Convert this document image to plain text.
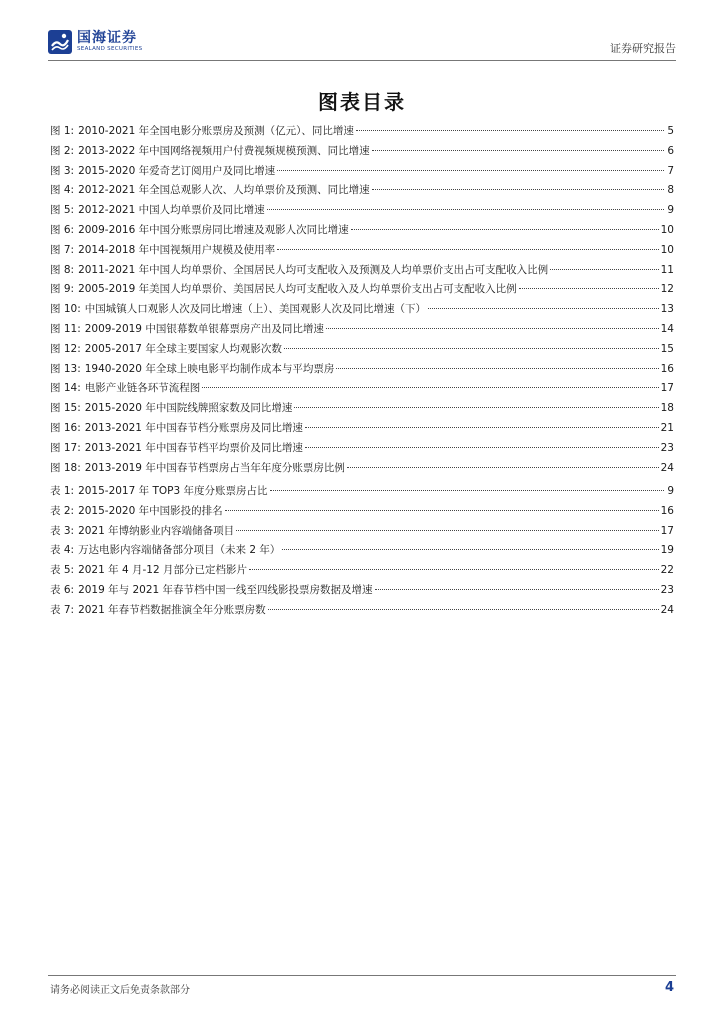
国海证券
SEALAND SECURITIES	证券研究报告
图表目录
图 1: 2010-2021 年全国电影分账票房及预测（亿元）、同比增速	5
图 2: 2013-2022 年中国网络视频用户付费视频规模预测、同比增速	6
图 3: 2015-2020 年爱奇艺订阅用户及同比增速	7
图 4: 2012-2021 年全国总观影人次、人均单票价及预测、同比增速	8
图 5: 2012-2021 中国人均单票价及同比增速	9
图 6: 2009-2016 年中国分账票房同比增速及观影人次同比增速	10
图 7: 2014-2018 年中国视频用户规模及使用率	10
图 8: 2011-2021 年中国人均单票价、全国居民人均可支配收入及预测及人均单票价支出占可支配收入比例	11
图 9: 2005-2019 年美国人均单票价、美国居民人均可支配收入及人均单票价支出占可支配收入比例	12
图 10: 中国城镇人口观影人次及同比增速（上）、美国观影人次及同比增速（下）	13
图 11: 2009-2019 中国银幕数单银幕票房产出及同比增速	14
图 12: 2005-2017 年全球主要国家人均观影次数	15
图 13: 1940-2020 年全球上映电影平均制作成本与平均票房	16
图 14: 电影产业链各环节流程图	17
图 15: 2015-2020 年中国院线牌照家数及同比增速	18
图 16: 2013-2021 年中国春节档分账票房及同比增速	21
图 17: 2013-2021 年中国春节档平均票价及同比增速	23
图 18: 2013-2019 年中国春节档票房占当年年度分账票房比例	24
表 1: 2015-2017 年 TOP3 年度分账票房占比	9
表 2: 2015-2020 年中国影投的排名	16
表 3: 2021 年博纳影业内容端储备项目	17
表 4: 万达电影内容端储备部分项目（未来 2 年）	19
表 5: 2021 年 4 月-12 月部分已定档影片	22
表 6: 2019 年与 2021 年春节档中国一线至四线影投票房数据及增速	23
表 7: 2021 年春节档数据推演全年分账票房数	24
请务必阅读正文后免责条款部分	4
